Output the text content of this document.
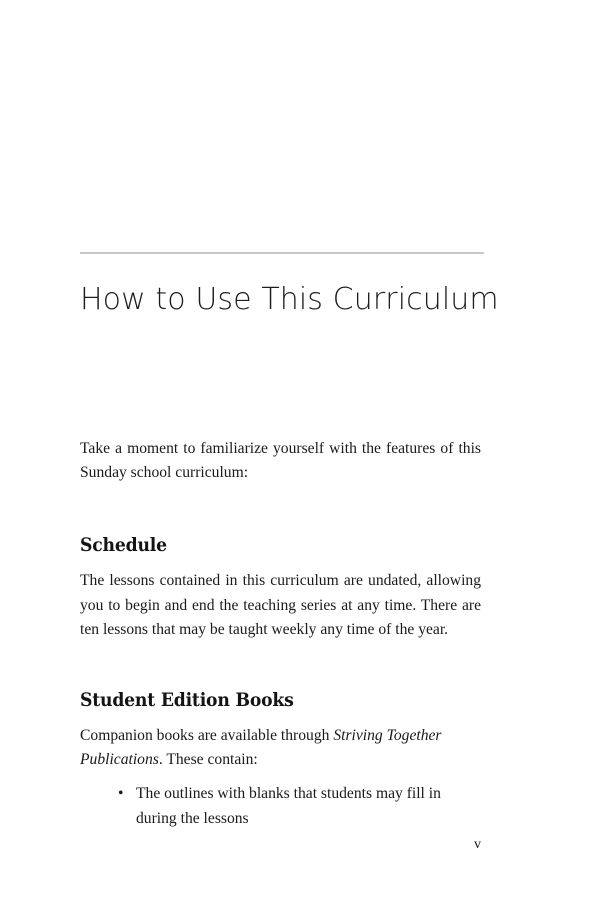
How to Use This Curriculum

Take a moment to familiarize yourself with the features of this Sunday school curriculum:

Schedule

The lessons contained in this curriculum are undated, allowing you to begin and end the teaching series at any time. There are ten lessons that may be taught weekly any time of the year.

Student Edition Books

Companion books are available through Striving Together Publications. These contain:

• The outlines with blanks that students may fill in during the lessons
v
